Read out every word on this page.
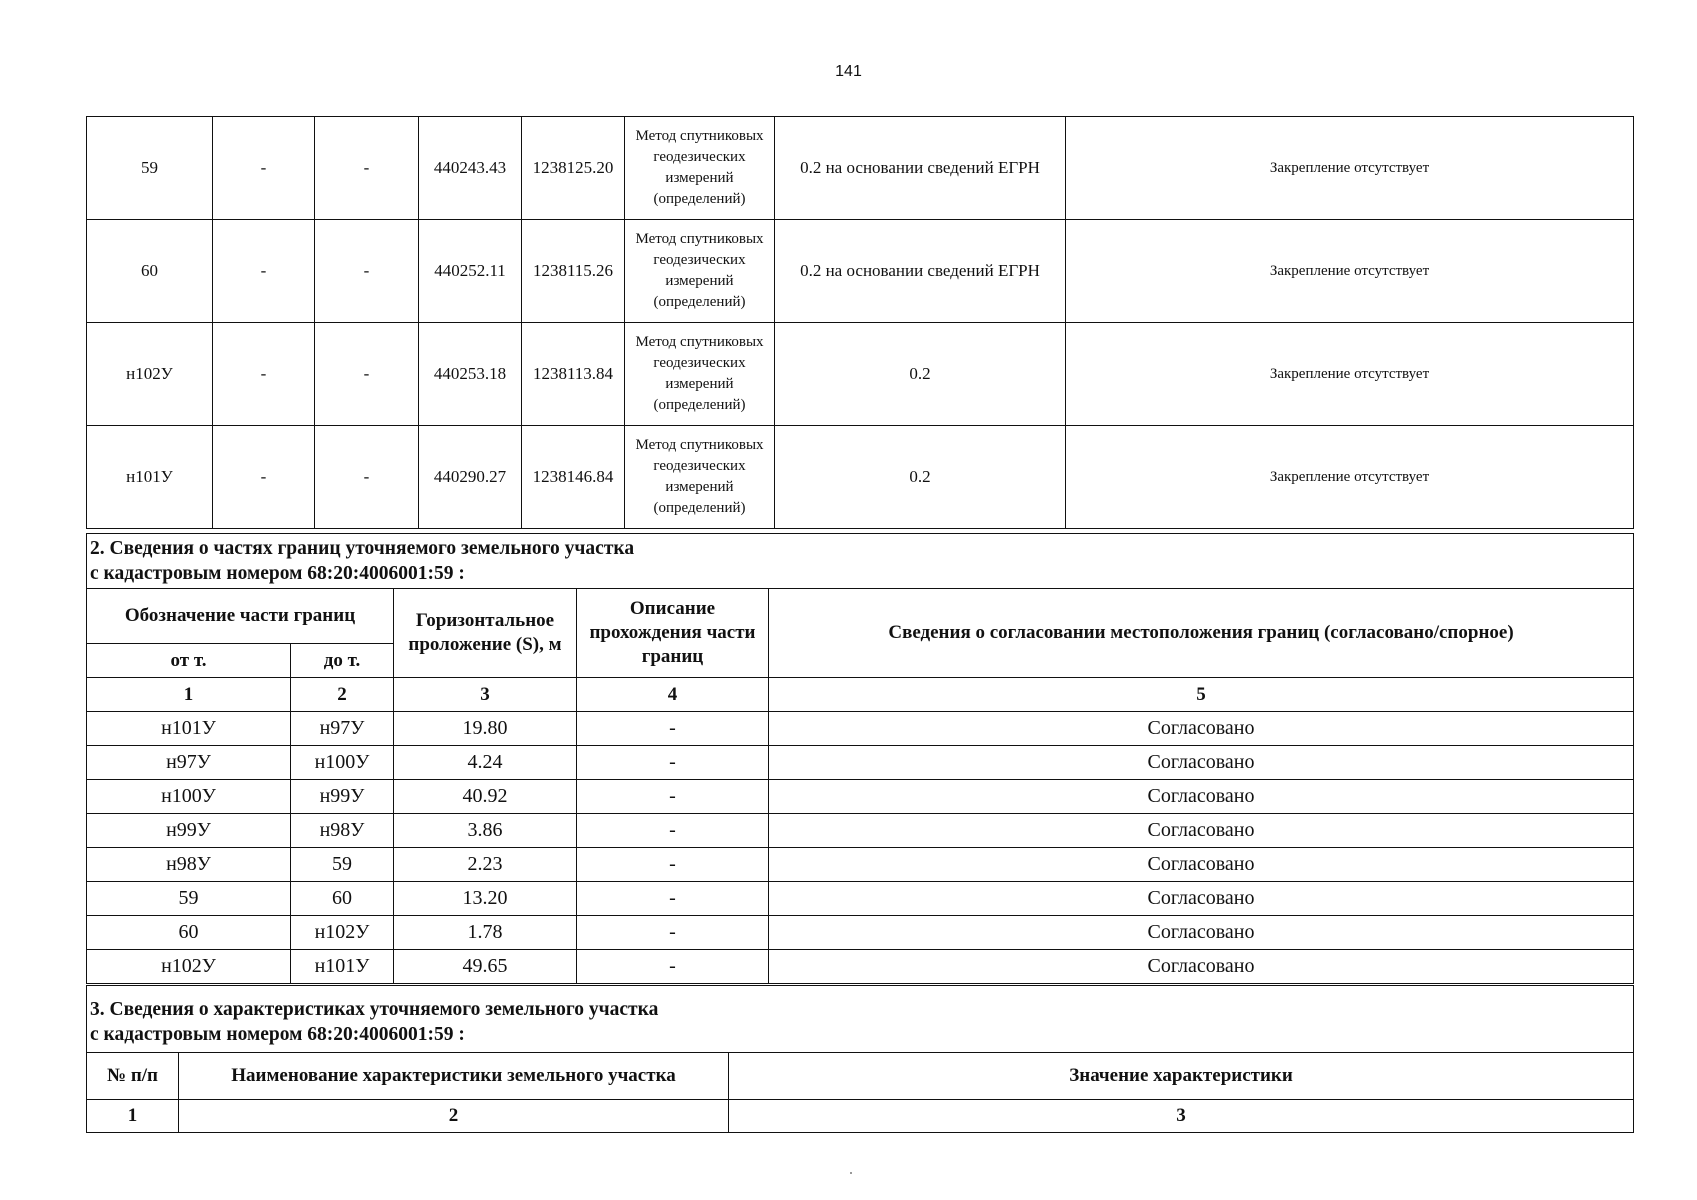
141
59	-	-	440243.43	1238125.20	Метод спутниковых геодезических измерений (определений)	0.2 на основании сведений ЕГРН	Закрепление отсутствует
60	-	-	440252.11	1238115.26	Метод спутниковых геодезических измерений (определений)	0.2 на основании сведений ЕГРН	Закрепление отсутствует
н102У	-	-	440253.18	1238113.84	Метод спутниковых геодезических измерений (определений)	0.2	Закрепление отсутствует
н101У	-	-	440290.27	1238146.84	Метод спутниковых геодезических измерений (определений)	0.2	Закрепление отсутствует
2. Сведения о частях границ уточняемого земельного участка
с кадастровым номером 68:20:4006001:59 :				

Обозначение части границ		Горизонтальное проложение (S), м	Описание прохождения части границ	Сведения о согласовании местоположения границ (согласовано/спорное)
от т.	до т.			
1	2	3	4	5
н101У	н97У	19.80	-	Согласовано
н97У	н100У	4.24	-	Согласовано
н100У	н99У	40.92	-	Согласовано
н99У	н98У	3.86	-	Согласовано
н98У	59	2.23	-	Согласовано
59	60	13.20	-	Согласовано
60	н102У	1.78	-	Согласовано
н102У	н101У	49.65	-	Согласовано
3. Сведения о характеристиках уточняемого земельного участка
с кадастровым номером 68:20:4006001:59 :		

№ п/п	Наименование характеристики земельного участка	Значение характеристики
1	2	3
